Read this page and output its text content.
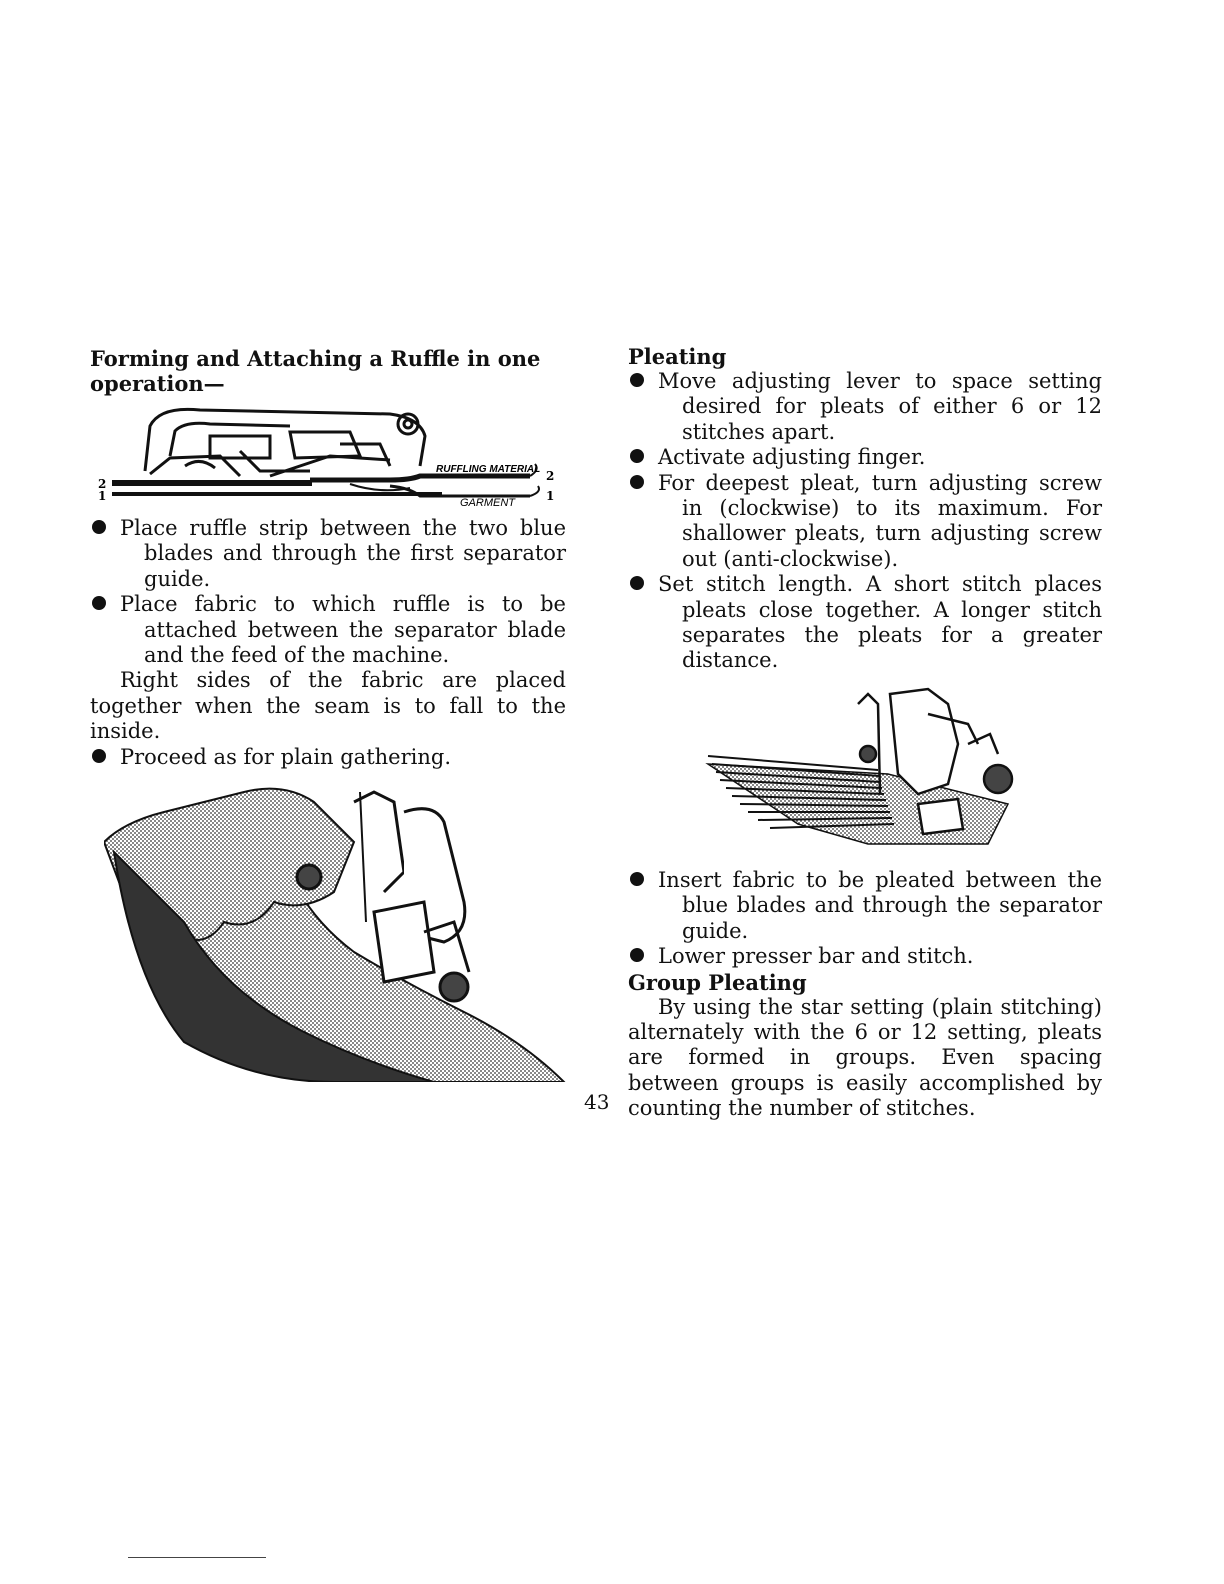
Forming and Attaching a Ruffle in one operation—

RUFFLING MATERIAL
GARMENT
2
1
2
1

Place ruffle strip between the two blue blades and through the first separator guide.

Place fabric to which ruffle is to be attached between the separator blade and the feed of the machine.

Right sides of the fabric are placed together when the seam is to fall to the inside.

Proceed as for plain gathering.

Pleating

Move adjusting lever to space setting desired for pleats of either 6 or 12 stitches apart.

Activate adjusting finger.

For deepest pleat, turn adjusting screw in (clockwise) to its maximum. For shallower pleats, turn adjusting screw out (anti-clockwise).

Set stitch length. A short stitch places pleats close together. A longer stitch separates the pleats for a greater distance.

Insert fabric to be pleated between the blue blades and through the separator guide.

Lower presser bar and stitch.

Group Pleating

By using the star setting (plain stitching) alternately with the 6 or 12 setting, pleats are formed in groups. Even spacing between groups is easily accomplished by counting the number of stitches.

43
